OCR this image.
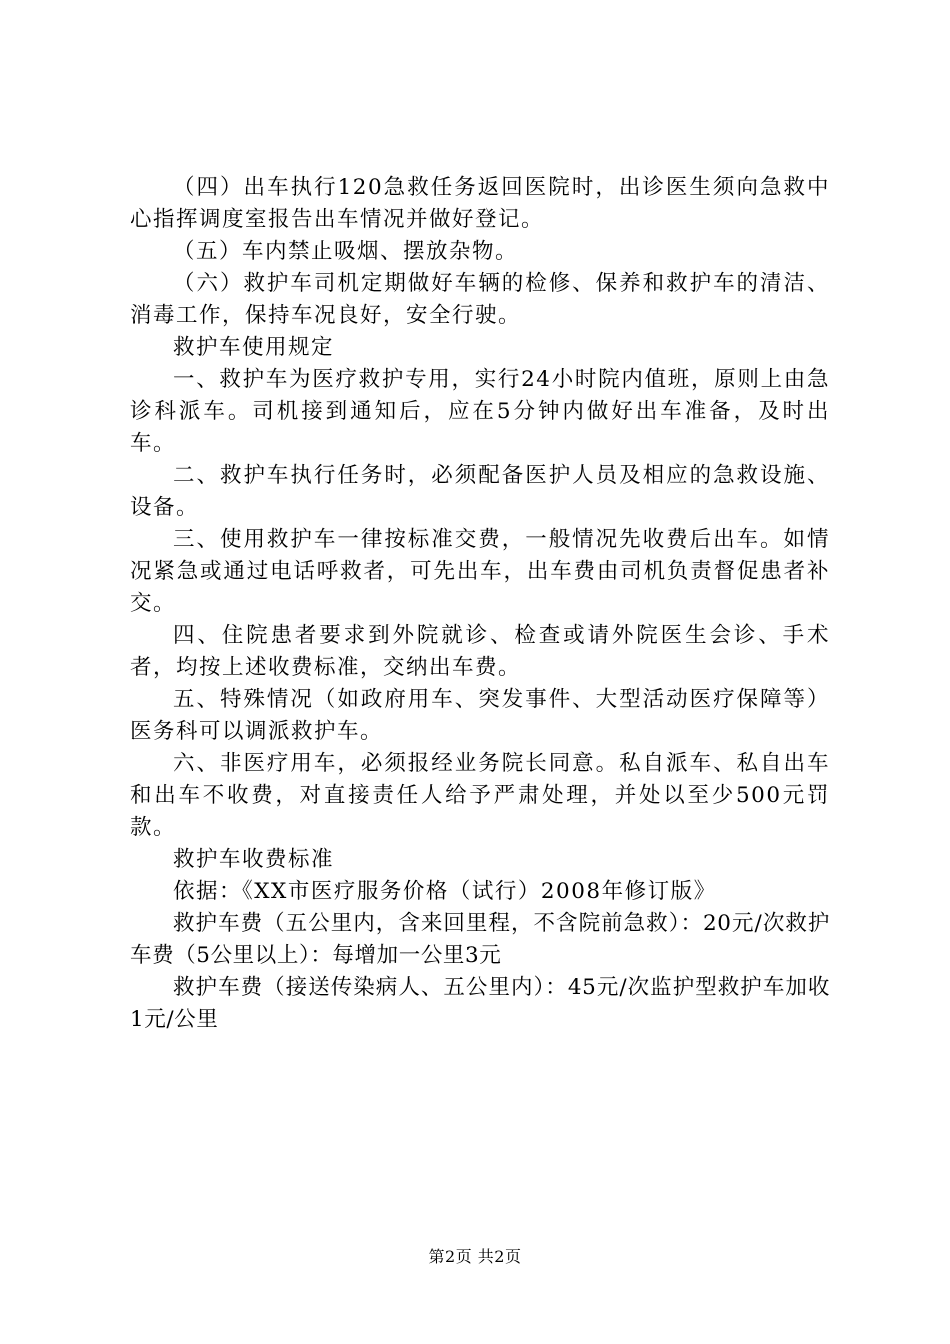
（四）出车执行120急救任务返回医院时，出诊医生须向急救中心指挥调度室报告出车情况并做好登记。

（五）车内禁止吸烟、摆放杂物。

（六）救护车司机定期做好车辆的检修、保养和救护车的清洁、消毒工作，保持车况良好，安全行驶。

救护车使用规定

一、救护车为医疗救护专用，实行24小时院内值班，原则上由急诊科派车。司机接到通知后，应在5分钟内做好出车准备，及时出车。

二、救护车执行任务时，必须配备医护人员及相应的急救设施、设备。

三、使用救护车一律按标准交费，一般情况先收费后出车。如情况紧急或通过电话呼救者，可先出车，出车费由司机负责督促患者补交。

四、住院患者要求到外院就诊、检查或请外院医生会诊、手术者，均按上述收费标准，交纳出车费。

五、特殊情况（如政府用车、突发事件、大型活动医疗保障等）医务科可以调派救护车。

六、非医疗用车，必须报经业务院长同意。私自派车、私自出车和出车不收费，对直接责任人给予严肃处理，并处以至少500元罚款。

救护车收费标准

依据：《XX市医疗服务价格（试行）2008年修订版》

救护车费（五公里内，含来回里程，不含院前急救）：20元/次救护车费（5公里以上）：每增加一公里3元

救护车费（接送传染病人、五公里内）：45元/次监护型救护车加收1元/公里

第2页 共2页
